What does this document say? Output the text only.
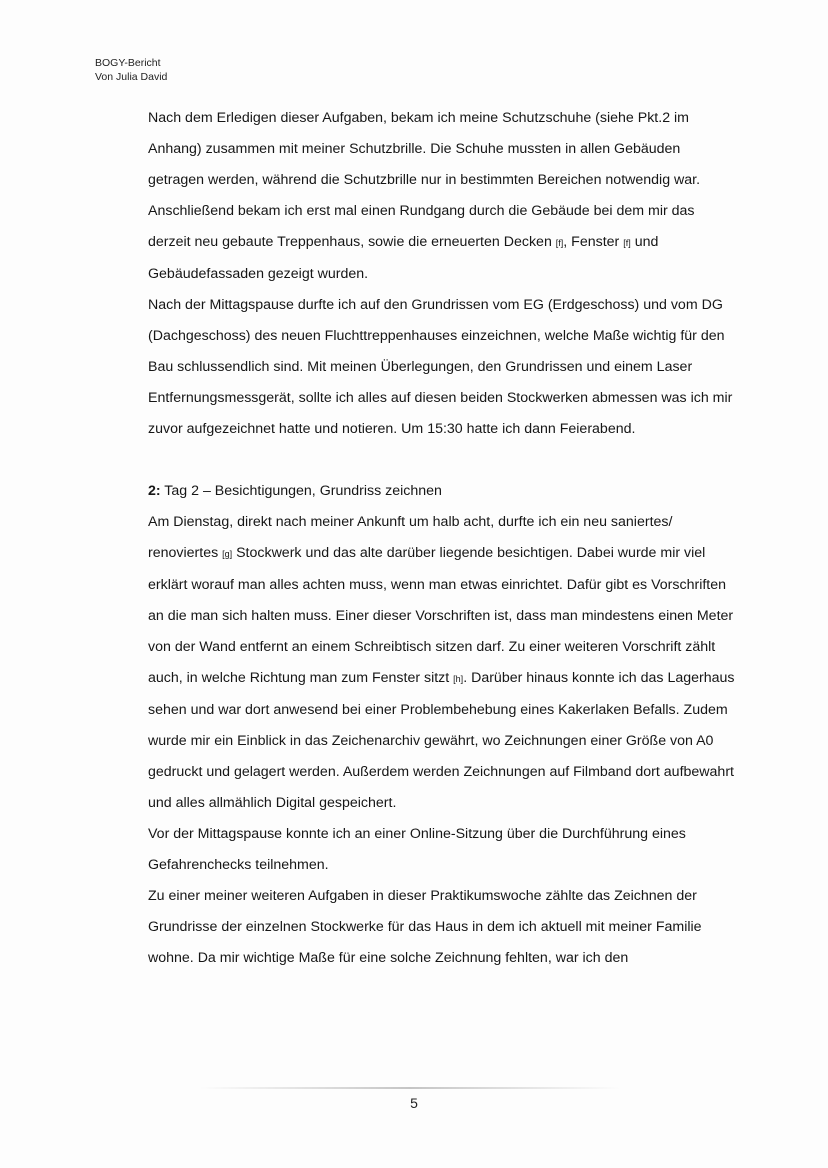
BOGY-Bericht
Von Julia David

Nach dem Erledigen dieser Aufgaben, bekam ich meine Schutzschuhe (siehe Pkt.2 im Anhang) zusammen mit meiner Schutzbrille. Die Schuhe mussten in allen Gebäuden getragen werden, während die Schutzbrille nur in bestimmten Bereichen notwendig war.

Anschließend bekam ich erst mal einen Rundgang durch die Gebäude bei dem mir das derzeit neu gebaute Treppenhaus, sowie die erneuerten Decken [f], Fenster [f] und Gebäudefassaden gezeigt wurden.

Nach der Mittagspause durfte ich auf den Grundrissen vom EG (Erdgeschoss) und vom DG (Dachgeschoss) des neuen Fluchttreppenhauses einzeichnen, welche Maße wichtig für den Bau schlussendlich sind. Mit meinen Überlegungen, den Grundrissen und einem Laser Entfernungsmessgerät, sollte ich alles auf diesen beiden Stockwerken abmessen was ich mir zuvor aufgezeichnet hatte und notieren. Um 15:30 hatte ich dann Feierabend.

2: Tag 2 – Besichtigungen, Grundriss zeichnen

Am Dienstag, direkt nach meiner Ankunft um halb acht, durfte ich ein neu saniertes/ renoviertes [g] Stockwerk und das alte darüber liegende besichtigen. Dabei wurde mir viel erklärt worauf man alles achten muss, wenn man etwas einrichtet. Dafür gibt es Vorschriften an die man sich halten muss. Einer dieser Vorschriften ist, dass man mindestens einen Meter von der Wand entfernt an einem Schreibtisch sitzen darf. Zu einer weiteren Vorschrift zählt auch, in welche Richtung man zum Fenster sitzt [h]. Darüber hinaus konnte ich das Lagerhaus sehen und war dort anwesend bei einer Problembehebung eines Kakerlaken Befalls. Zudem wurde mir ein Einblick in das Zeichenarchiv gewährt, wo Zeichnungen einer Größe von A0 gedruckt und gelagert werden. Außerdem werden Zeichnungen auf Filmband dort aufbewahrt und alles allmählich Digital gespeichert.

Vor der Mittagspause konnte ich an einer Online-Sitzung über die Durchführung eines Gefahrenchecks teilnehmen.

Zu einer meiner weiteren Aufgaben in dieser Praktikumswoche zählte das Zeichnen der Grundrisse der einzelnen Stockwerke für das Haus in dem ich aktuell mit meiner Familie wohne. Da mir wichtige Maße für eine solche Zeichnung fehlten, war ich den

5
